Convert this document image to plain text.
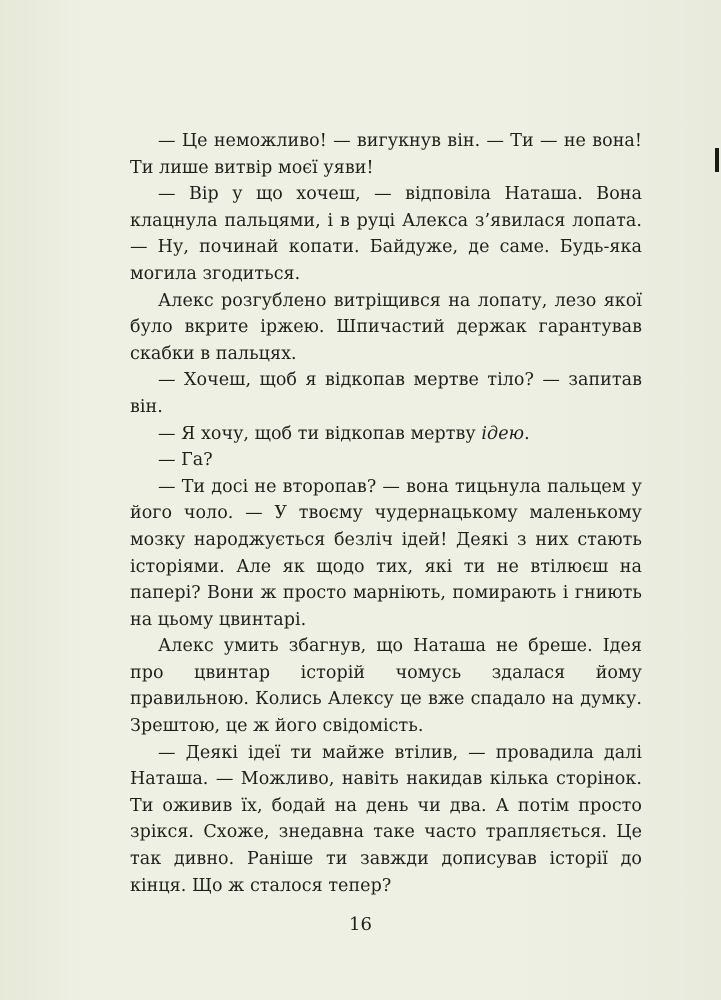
— Це неможливо! — вигукнув він. — Ти — не вона! Ти лише витвір моєї уяви!

— Вір у що хочеш, — відповіла Наташа. Вона клацнула пальцями, і в руці Алекса з’явилася лопата. — Ну, починай копати. Байдуже, де саме. Будь-яка могила згодиться.

Алекс розгублено витріщився на лопату, лезо якої було вкрите іржею. Шпичастий держак гарантував скабки в пальцях.

— Хочеш, щоб я відкопав мертве тіло? — запитав він.

— Я хочу, щоб ти відкопав мертву ідею.

— Га?

— Ти досі не второпав? — вона тицьнула пальцем у його чоло. — У твоєму чудернацькому маленькому мозку народжується безліч ідей! Деякі з них стають історіями. Але як щодо тих, які ти не втілюєш на папері? Вони ж просто марніють, помирають і гниють на цьому цвинтарі.

Алекс умить збагнув, що Наташа не бреше. Ідея про цвинтар історій чомусь здалася йому правильною. Колись Алексу це вже спадало на думку. Зрештою, це ж його свідомість.

— Деякі ідеї ти майже втілив, — провадила далі Наташа. — Можливо, навіть накидав кілька сторінок. Ти оживив їх, бодай на день чи два. А потім просто зрікся. Схоже, знедавна таке часто трапляється. Це так дивно. Раніше ти завжди дописував історії до кінця. Що ж сталося тепер?

16
